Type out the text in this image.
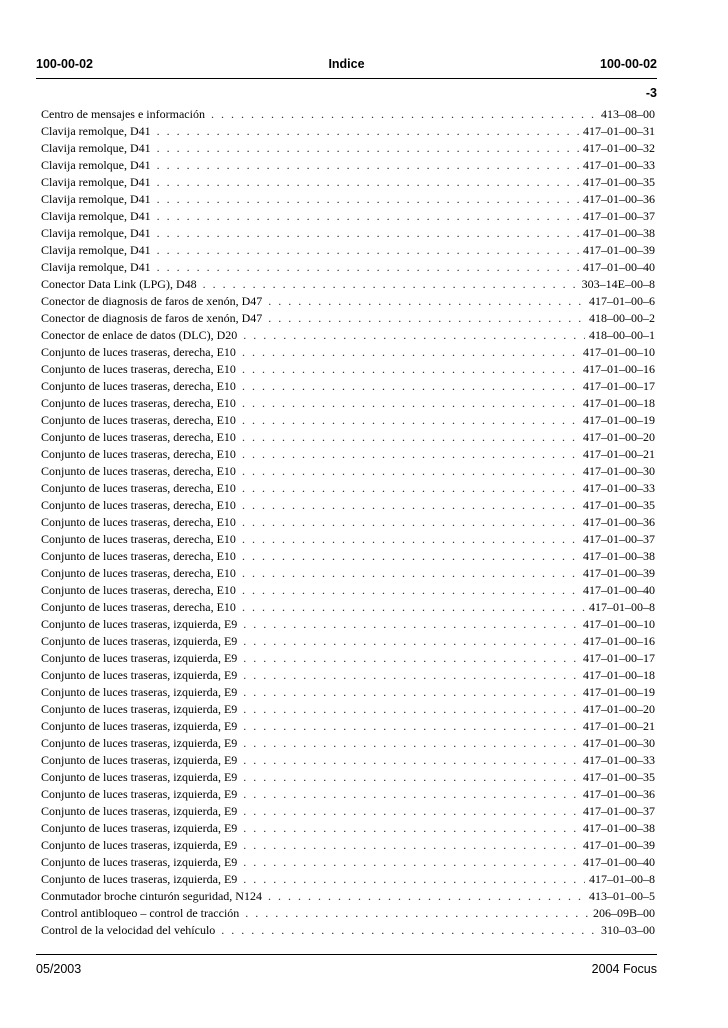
100-00-02	Indice	100-00-02
-3
Centro de mensajes e información . . .	413–08–00
Clavija remolque, D41 . . .	417–01–00–31
Clavija remolque, D41 . . .	417–01–00–32
Clavija remolque, D41 . . .	417–01–00–33
Clavija remolque, D41 . . .	417–01–00–35
Clavija remolque, D41 . . .	417–01–00–36
Clavija remolque, D41 . . .	417–01–00–37
Clavija remolque, D41 . . .	417–01–00–38
Clavija remolque, D41 . . .	417–01–00–39
Clavija remolque, D41 . . .	417–01–00–40
Conector Data Link (LPG), D48 . . .	303–14E–00–8
Conector de diagnosis de faros de xenón, D47 . . .	417–01–00–6
Conector de diagnosis de faros de xenón, D47 . . .	418–00–00–2
Conector de enlace de datos (DLC), D20 . . .	418–00–00–1
Conjunto de luces traseras, derecha, E10 . . .	417–01–00–10
Conjunto de luces traseras, derecha, E10 . . .	417–01–00–16
Conjunto de luces traseras, derecha, E10 . . .	417–01–00–17
Conjunto de luces traseras, derecha, E10 . . .	417–01–00–18
Conjunto de luces traseras, derecha, E10 . . .	417–01–00–19
Conjunto de luces traseras, derecha, E10 . . .	417–01–00–20
Conjunto de luces traseras, derecha, E10 . . .	417–01–00–21
Conjunto de luces traseras, derecha, E10 . . .	417–01–00–30
Conjunto de luces traseras, derecha, E10 . . .	417–01–00–33
Conjunto de luces traseras, derecha, E10 . . .	417–01–00–35
Conjunto de luces traseras, derecha, E10 . . .	417–01–00–36
Conjunto de luces traseras, derecha, E10 . . .	417–01–00–37
Conjunto de luces traseras, derecha, E10 . . .	417–01–00–38
Conjunto de luces traseras, derecha, E10 . . .	417–01–00–39
Conjunto de luces traseras, derecha, E10 . . .	417–01–00–40
Conjunto de luces traseras, derecha, E10 . . .	417–01–00–8
Conjunto de luces traseras, izquierda, E9 . . .	417–01–00–10
Conjunto de luces traseras, izquierda, E9 . . .	417–01–00–16
Conjunto de luces traseras, izquierda, E9 . . .	417–01–00–17
Conjunto de luces traseras, izquierda, E9 . . .	417–01–00–18
Conjunto de luces traseras, izquierda, E9 . . .	417–01–00–19
Conjunto de luces traseras, izquierda, E9 . . .	417–01–00–20
Conjunto de luces traseras, izquierda, E9 . . .	417–01–00–21
Conjunto de luces traseras, izquierda, E9 . . .	417–01–00–30
Conjunto de luces traseras, izquierda, E9 . . .	417–01–00–33
Conjunto de luces traseras, izquierda, E9 . . .	417–01–00–35
Conjunto de luces traseras, izquierda, E9 . . .	417–01–00–36
Conjunto de luces traseras, izquierda, E9 . . .	417–01–00–37
Conjunto de luces traseras, izquierda, E9 . . .	417–01–00–38
Conjunto de luces traseras, izquierda, E9 . . .	417–01–00–39
Conjunto de luces traseras, izquierda, E9 . . .	417–01–00–40
Conjunto de luces traseras, izquierda, E9 . . .	417–01–00–8
Conmutador broche cinturón seguridad, N124 . . .	413–01–00–5
Control antibloqueo – control de tracción . . .	206–09B–00
Control de la velocidad del vehículo . . .	310–03–00
05/2003	2004 Focus
